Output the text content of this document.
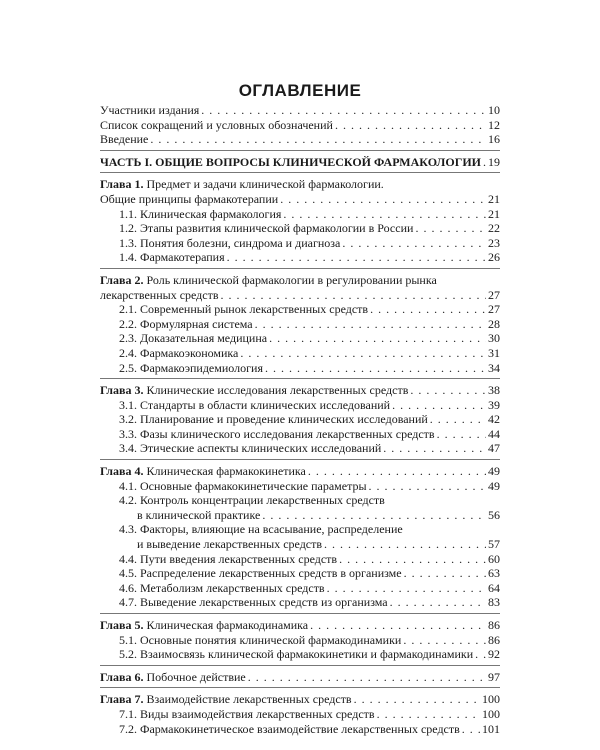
ОГЛАВЛЕНИЕ
Участники издания . . .	10
Список сокращений и условных обозначений . . .	12
Введение . . .	16
ЧАСТЬ I. ОБЩИЕ ВОПРОСЫ КЛИНИЧЕСКОЙ ФАРМАКОЛОГИИ . . . 19
Глава 1. Предмет и задачи клинической фармакологии.
Общие принципы фармакотерапии . . .	21
1.1. Клиническая фармакология . . .	21
1.2. Этапы развития клинической фармакологии в России . . .	22
1.3. Понятия болезни, синдрома и диагноза . . .	23
1.4. Фармакотерапия . . .	26
Глава 2. Роль клинической фармакологии в регулировании рынка
лекарственных средств . . .	27
2.1. Современный рынок лекарственных средств . . .	27
2.2. Формулярная система . . .	28
2.3. Доказательная медицина . . .	30
2.4. Фармакоэкономика . . .	31
2.5. Фармакоэпидемиология . . .	34
Глава 3. Клинические исследования лекарственных средств . . .	38
3.1. Стандарты в области клинических исследований . . .	39
3.2. Планирование и проведение клинических исследований . . .	42
3.3. Фазы клинического исследования лекарственных средств . . .	44
3.4. Этические аспекты клинических исследований . . .	47
Глава 4. Клиническая фармакокинетика . . .	49
4.1. Основные фармакокинетические параметры . . .	49
4.2. Контроль концентрации лекарственных средств
в клинической практике . . .	56
4.3. Факторы, влияющие на всасывание, распределение
и выведение лекарственных средств . . .	57
4.4. Пути введения лекарственных средств . . .	60
4.5. Распределение лекарственных средств в организме . . .	63
4.6. Метаболизм лекарственных средств . . .	64
4.7. Выведение лекарственных средств из организма . . .	83
Глава 5. Клиническая фармакодинамика . . .	86
5.1. Основные понятия клинической фармакодинамики . . .	86
5.2. Взаимосвязь клинической фармакокинетики и фармакодинамики . . . 92
Глава 6. Побочное действие . . .	97
Глава 7. Взаимодействие лекарственных средств . . .	100
7.1. Виды взаимодействия лекарственных средств . . .	100
7.2. Фармакокинетическое взаимодействие лекарственных средств . . . 101
